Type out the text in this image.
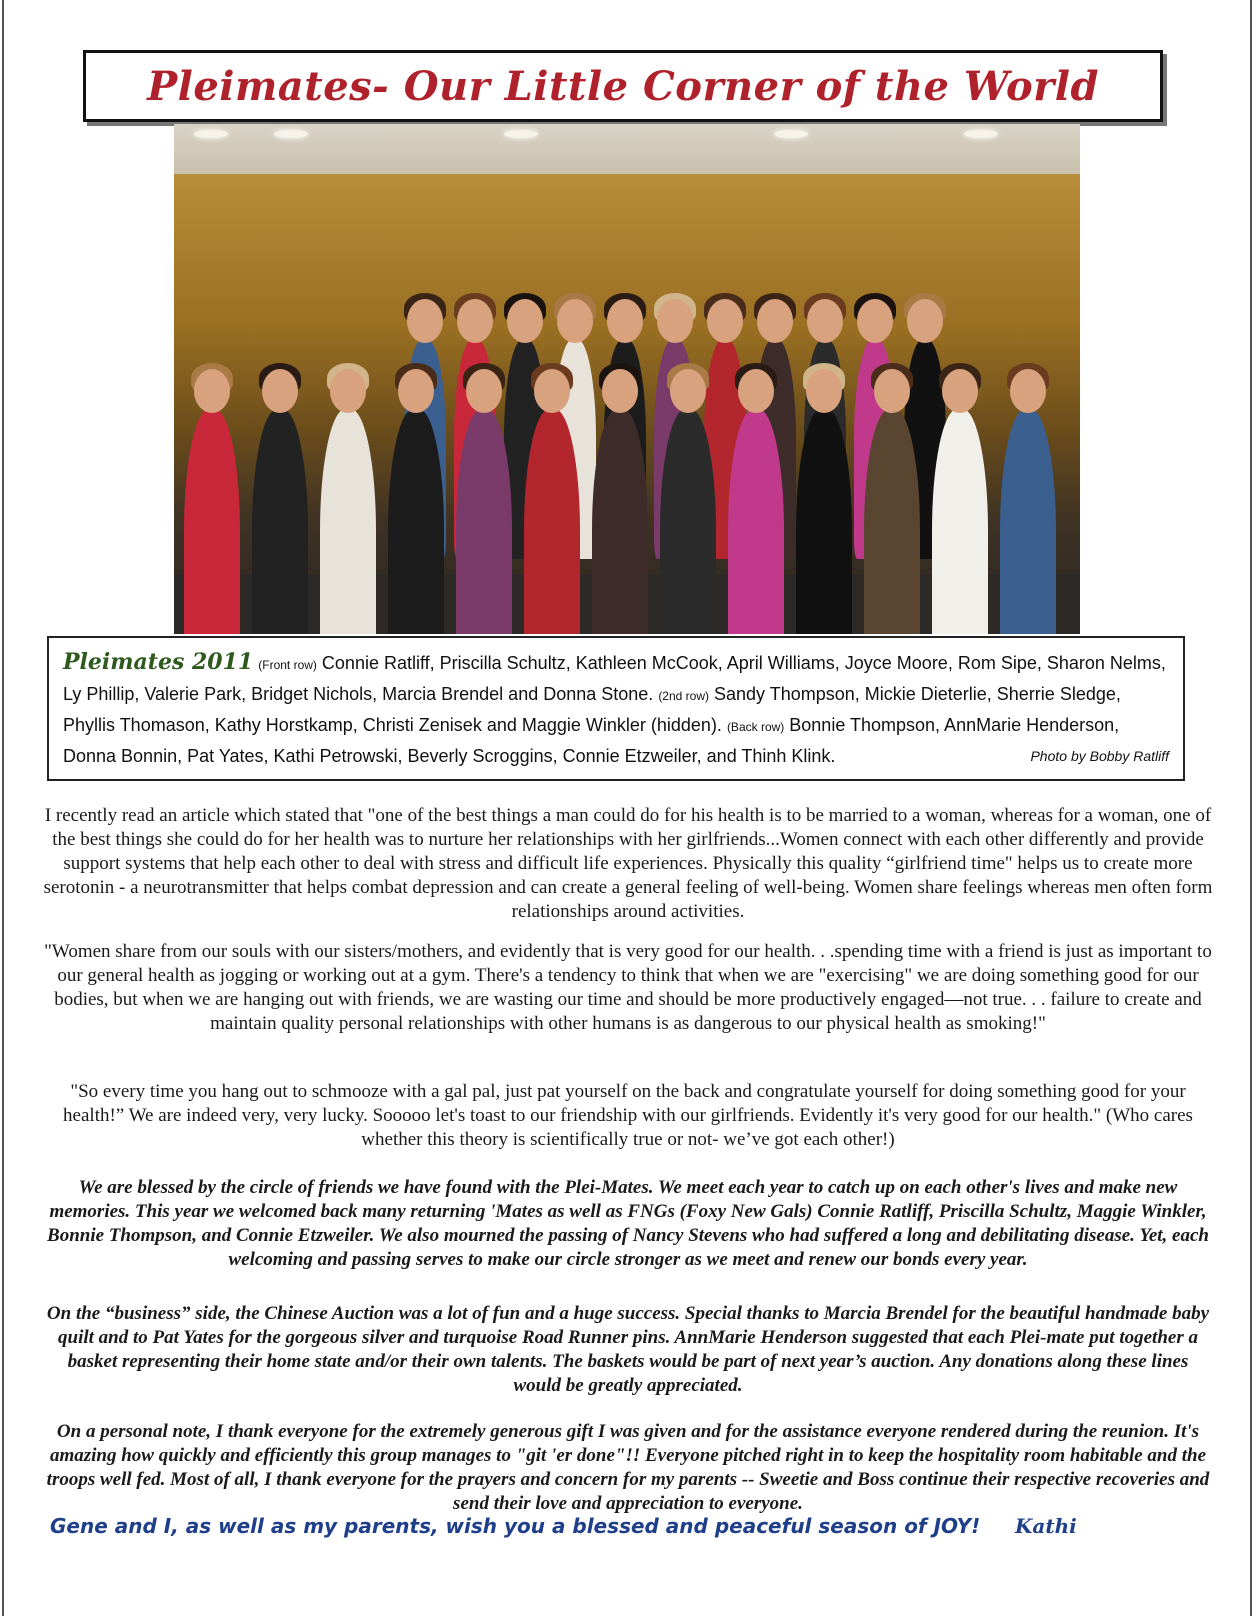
Pleimates- Our Little Corner of the World
Pleimates 2011 (Front row) Connie Ratliff, Priscilla Schultz, Kathleen McCook, April Williams, Joyce Moore, Rom Sipe, Sharon Nelms, Ly Phillip, Valerie Park, Bridget Nichols, Marcia Brendel and Donna Stone. (2nd row) Sandy Thompson, Mickie Dieterlie, Sherrie Sledge, Phyllis Thomason, Kathy Horstkamp, Christi Zenisek and Maggie Winkler (hidden). (Back row) Bonnie Thompson, AnnMarie Henderson, Donna Bonnin, Pat Yates, Kathi Petrowski, Beverly Scroggins, Connie Etzweiler, and Thinh Klink.	Photo by Bobby Ratliff

I recently read an article which stated that "one of the best things a man could do for his health is to be married to a woman, whereas for a woman, one of the best things she could do for her health was to nurture her relationships with her girlfriends...Women connect with each other differently and provide support systems that help each other to deal with stress and difficult life experiences. Physically this quality “girlfriend time" helps us to create more serotonin - a neurotransmitter that helps combat depression and can create a general feeling of well-being. Women share feelings whereas men often form relationships around activities.

"Women share from our souls with our sisters/mothers, and evidently that is very good for our health. . .spending time with a friend is just as important to our general health as jogging or working out at a gym. There's a tendency to think that when we are "exercising" we are doing something good for our bodies, but when we are hanging out with friends, we are wasting our time and should be more productively engaged—not true. . . failure to create and maintain quality personal relationships with other humans is as dangerous to our physical health as smoking!"

"So every time you hang out to schmooze with a gal pal, just pat yourself on the back and congratulate yourself for doing something good for your health!” We are indeed very, very lucky. Sooooo let's toast to our friendship with our girlfriends. Evidently it's very good for our health." (Who cares whether this theory is scientifically true or not- we’ve got each other!)

We are blessed by the circle of friends we have found with the Plei-Mates. We meet each year to catch up on each other's lives and make new memories. This year we welcomed back many returning 'Mates as well as FNGs (Foxy New Gals) Connie Ratliff, Priscilla Schultz, Maggie Winkler, Bonnie Thompson, and Connie Etzweiler. We also mourned the passing of Nancy Stevens who had suffered a long and debilitating disease. Yet, each welcoming and passing serves to make our circle stronger as we meet and renew our bonds every year.

On the “business” side, the Chinese Auction was a lot of fun and a huge success. Special thanks to Marcia Brendel for the beautiful handmade baby quilt and to Pat Yates for the gorgeous silver and turquoise Road Runner pins. AnnMarie Henderson suggested that each Plei-mate put together a basket representing their home state and/or their own talents. The baskets would be part of next year’s auction. Any donations along these lines would be greatly appreciated.

On a personal note, I thank everyone for the extremely generous gift I was given and for the assistance everyone rendered during the reunion. It's amazing how quickly and efficiently this group manages to "git 'er done"!! Everyone pitched right in to keep the hospitality room habitable and the troops well fed. Most of all, I thank everyone for the prayers and concern for my parents -- Sweetie and Boss continue their respective recoveries and send their love and appreciation to everyone.

Gene and I, as well as my parents, wish you a blessed and peaceful season of JOY!	Kathi
